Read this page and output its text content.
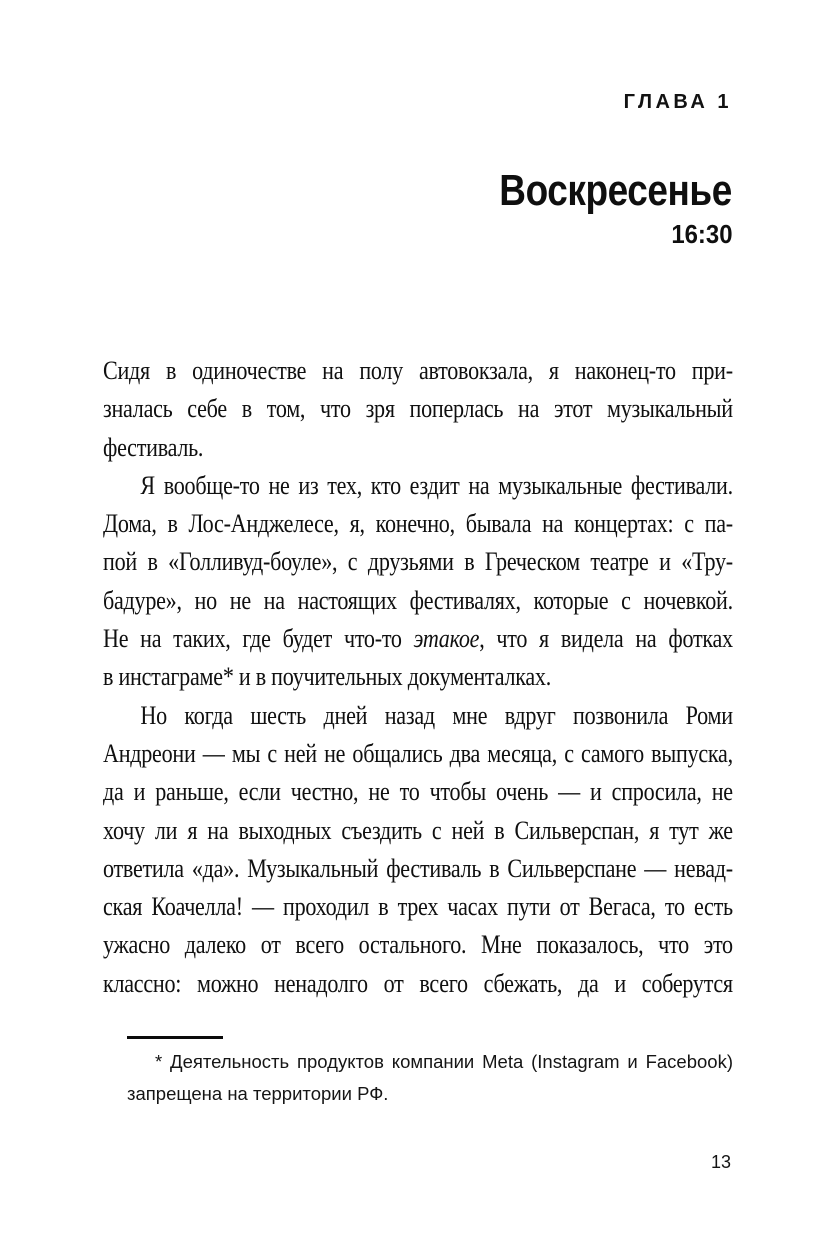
ГЛАВА 1
Воскресенье
16:30
Сидя в одиночестве на полу автовокзала, я наконец-то при-
зналась себе в том, что зря поперлась на этот музыкальный
фестиваль.
Я вообще-то не из тех, кто ездит на музыкальные фестивали.
Дома, в Лос-Анджелесе, я, конечно, бывала на концертах: с па-
пой в «Голливуд-боуле», с друзьями в Греческом театре и «Тру-
бадуре», но не на настоящих фестивалях, которые с ночевкой.
Не на таких, где будет что-то этакое, что я видела на фотках
в инстаграме* и в поучительных документалках.
Но когда шесть дней назад мне вдруг позвонила Роми
Андреони — мы с ней не общались два месяца, с самого выпуска,
да и раньше, если честно, не то чтобы очень — и спросила, не
хочу ли я на выходных съездить с ней в Сильверспан, я тут же
ответила «да». Музыкальный фестиваль в Сильверспане — невад-
ская Коачелла! — проходил в трех часах пути от Вегаса, то есть
ужасно далеко от всего остального. Мне показалось, что это
классно: можно ненадолго от всего сбежать, да и соберутся
* Деятельность продуктов компании Meta (Instagram и Facebook)
запрещена на территории РФ.
13
